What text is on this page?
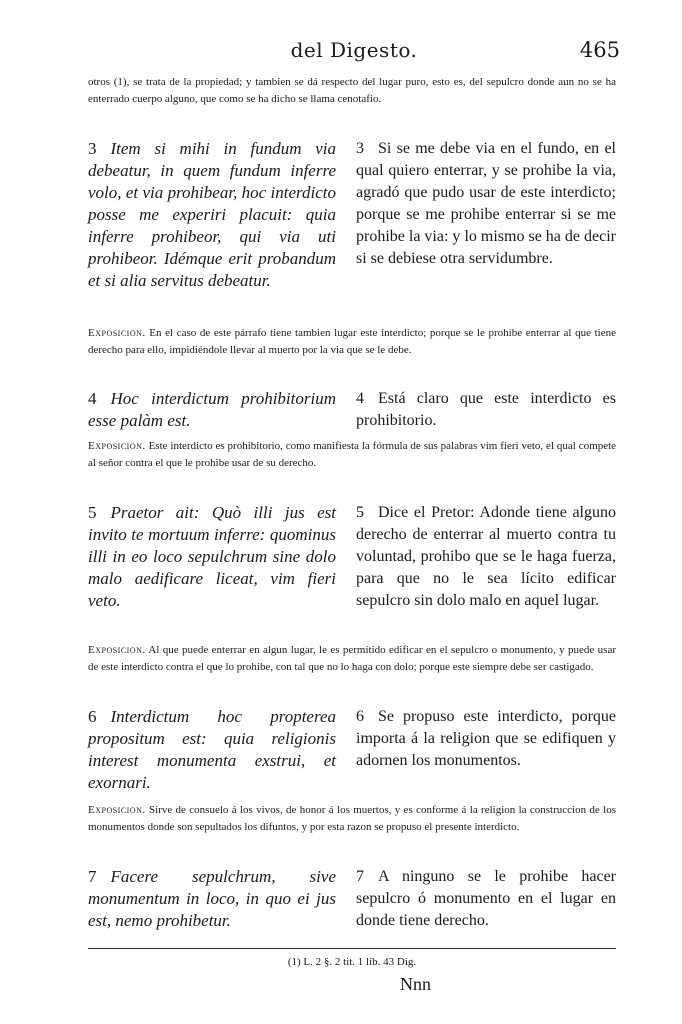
del Digesto.	465
otros (1), se trata de la propiedad; y tambien se dá respecto del lugar puro, esto es, del sepulcro donde aun no se ha enterrado cuerpo alguno, que como se ha dicho se llama cenotafio.
3 Item si mihi in fundum via debeatur, in quem fundum inferre volo, et via prohibear, hoc interdicto posse me experiri placuit: quia inferre prohibeor, qui via uti prohibeor. Idémque erit probandum et si alia servitus debeatur.
3 Si se me debe via en el fundo, en el qual quiero enterrar, y se prohibe la via, agradó que pudo usar de este interdicto; porque se me prohibe enterrar si se me prohibe la via: y lo mismo se ha de decir si se debiese otra servidumbre.
Exposicion. En el caso de este párrafo tiene tambien lugar este interdicto; porque se le prohibe enterrar al que tiene derecho para ello, impidiéndole llevar al muerto por la via que se le debe.
4 Hoc interdictum prohibitorium esse palàm est.
4 Está claro que este interdicto es prohibitorio.
Exposicion. Este interdicto es prohibitorio, como manifiesta la fórmula de sus palabras vim fieri veto, el qual compete al señor contra el que le prohibe usar de su derecho.
5 Praetor ait: Quò illi jus est invito te mortuum inferre: quominus illi in eo loco sepulchrum sine dolo malo aedificare liceat, vim fieri veto.
5 Dice el Pretor: Adonde tiene alguno derecho de enterrar al muerto contra tu voluntad, prohibo que se le haga fuerza, para que no le sea lícito edificar sepulcro sin dolo malo en aquel lugar.
Exposicion. Al que puede enterrar en algun lugar, le es permitido edificar en el sepulcro o monumento, y puede usar de este interdicto contra el que lo prohibe, con tal que no lo haga con dolo; porque este siempre debe ser castigado.
6 Interdictum hoc propterea propositum est: quia religionis interest monumenta exstrui, et exornari.
6 Se propuso este interdicto, porque importa á la religion que se edifiquen y adornen los monumentos.
Exposicion. Sirve de consuelo á los vivos, de honor á los muertos, y es conforme á la religion la construccion de los monumentos donde son sepultados los difuntos, y por esta razon se propuso el presente interdicto.
7 Facere sepulchrum, sive monumentum in loco, in quo ei jus est, nemo prohibetur.
7 A ninguno se le prohibe hacer sepulcro ó monumento en el lugar en donde tiene derecho.
(1) L. 2 §. 2 tit. 1 lib. 43 Dig.
Nnn
